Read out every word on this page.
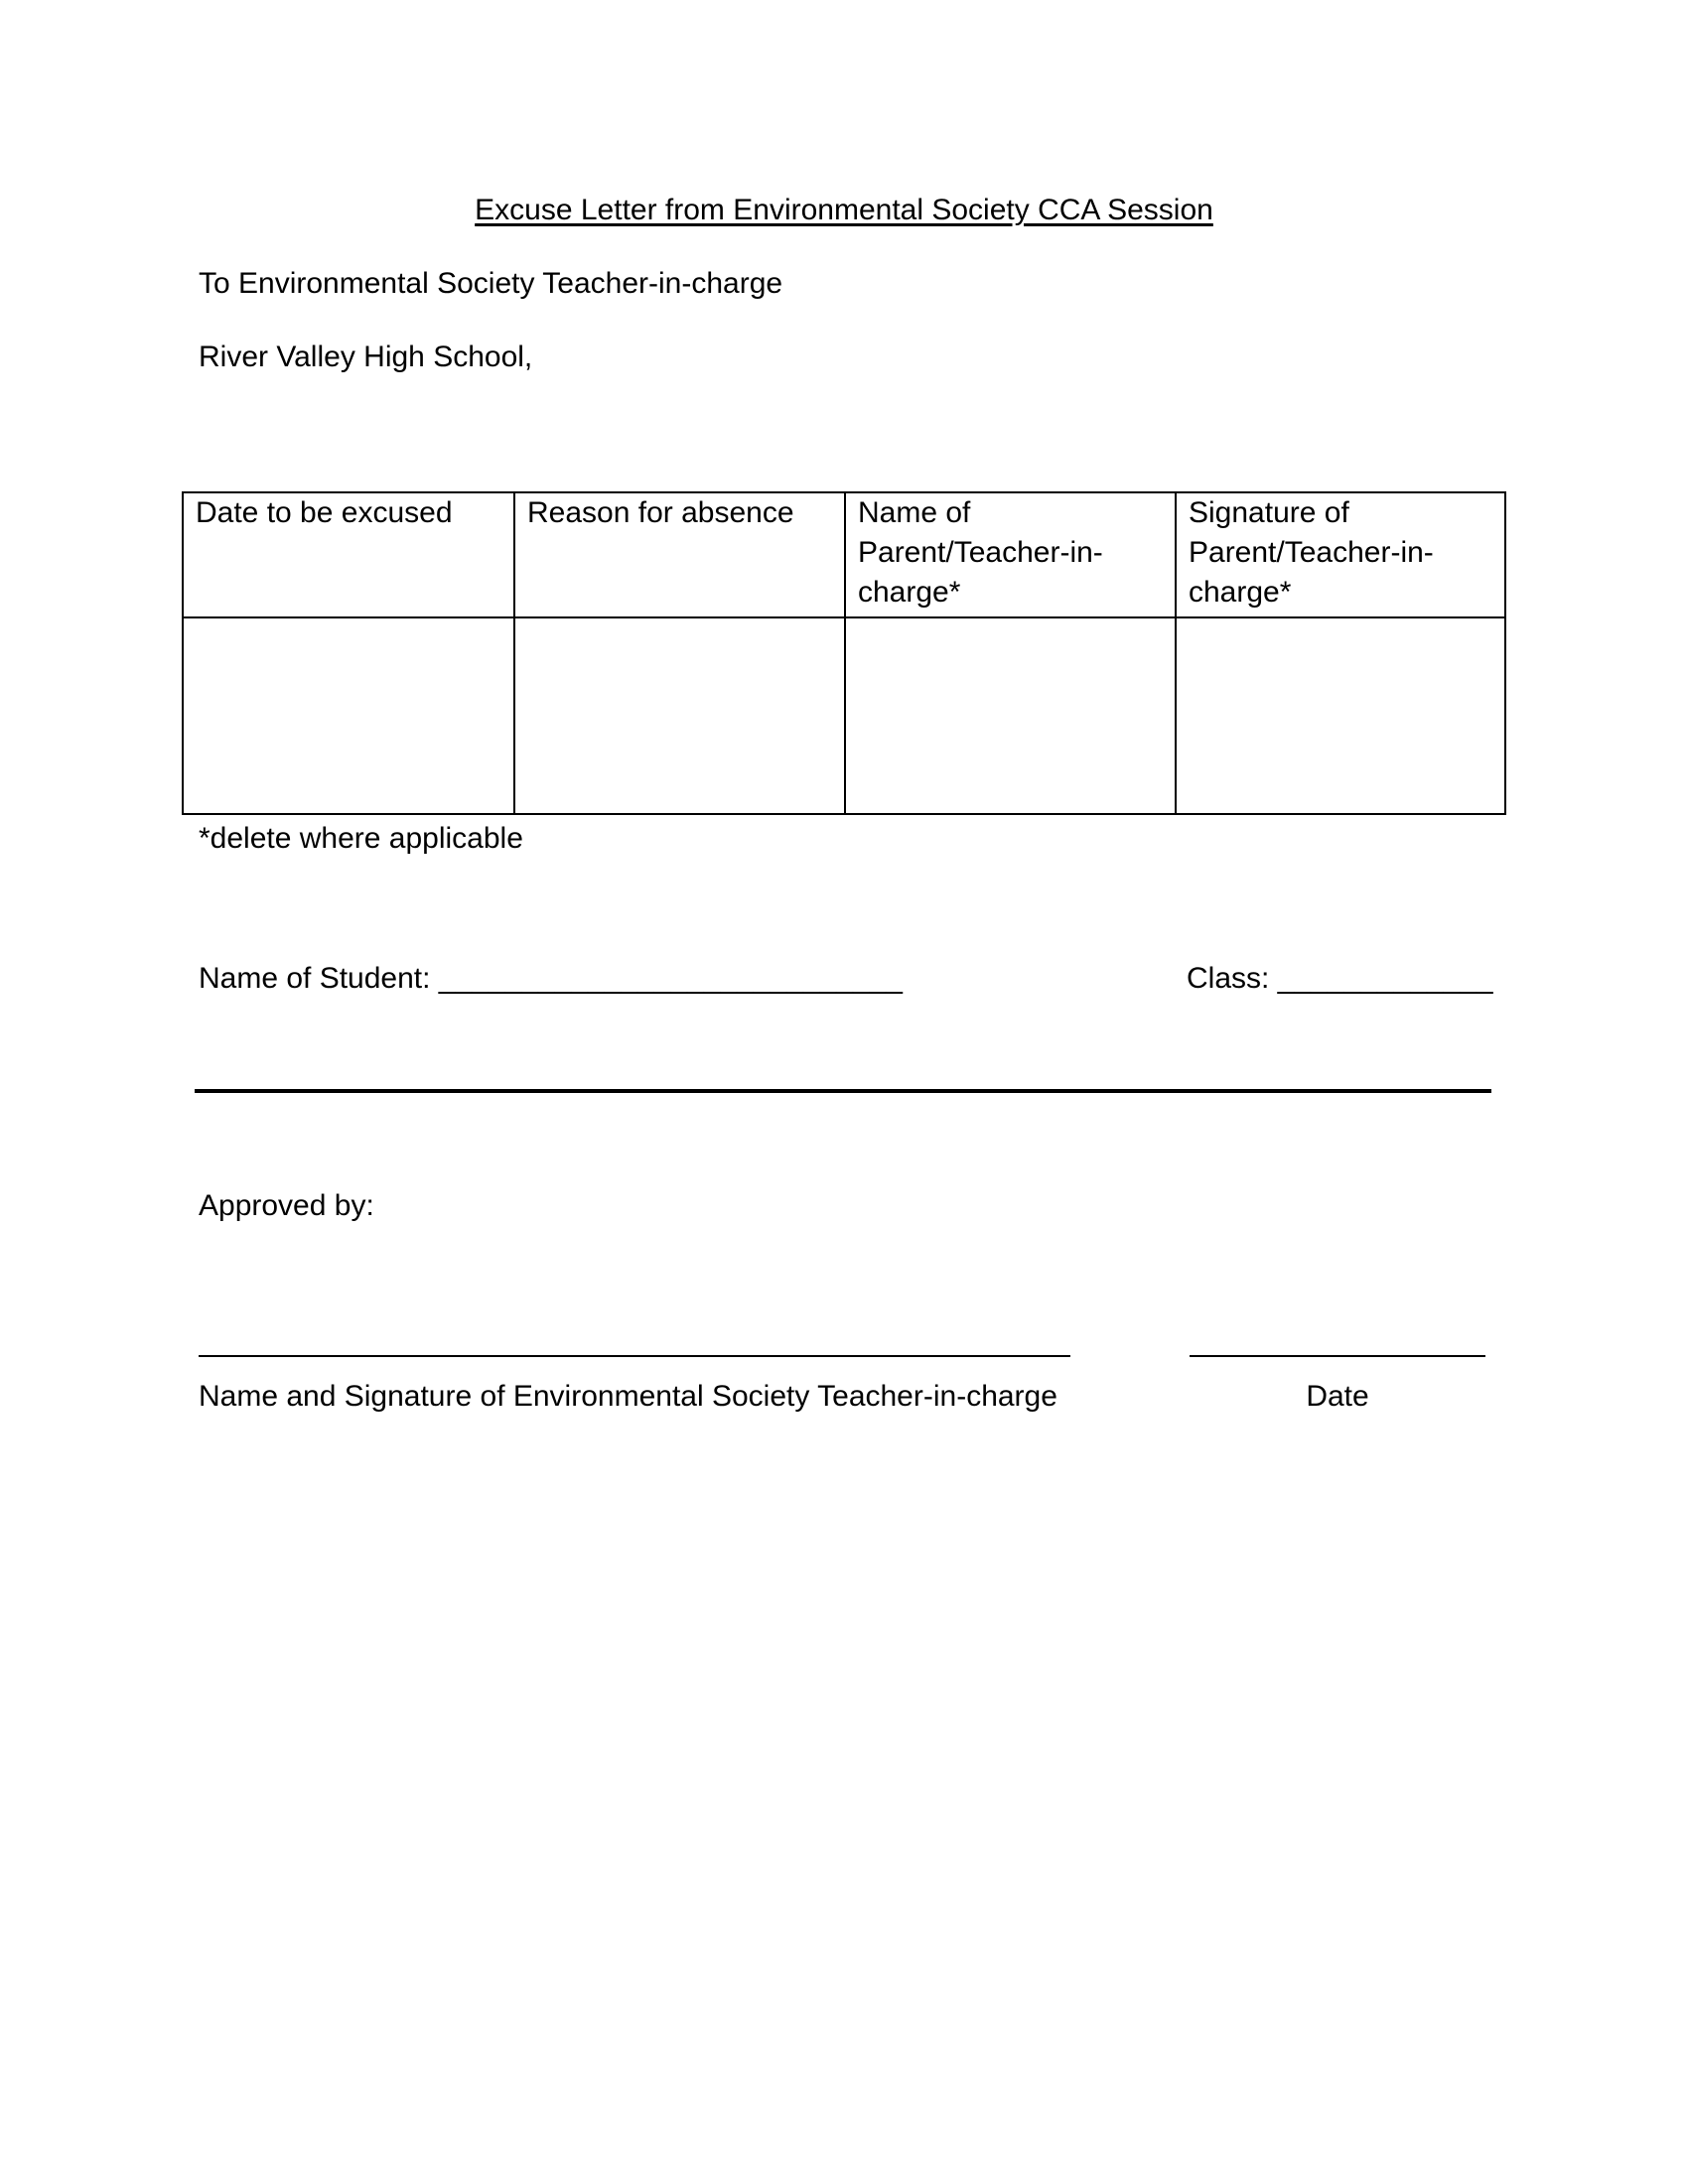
Excuse Letter from Environmental Society CCA Session
To Environmental Society Teacher-in-charge
River Valley High School,
Date to be excused	Reason for absence	Name of Parent/Teacher-in-charge*	Signature of Parent/Teacher-in-charge*

*delete where applicable
Name of Student: ____________________________	Class: _____________
Approved by:
Name and Signature of Environmental Society Teacher-in-charge	Date
